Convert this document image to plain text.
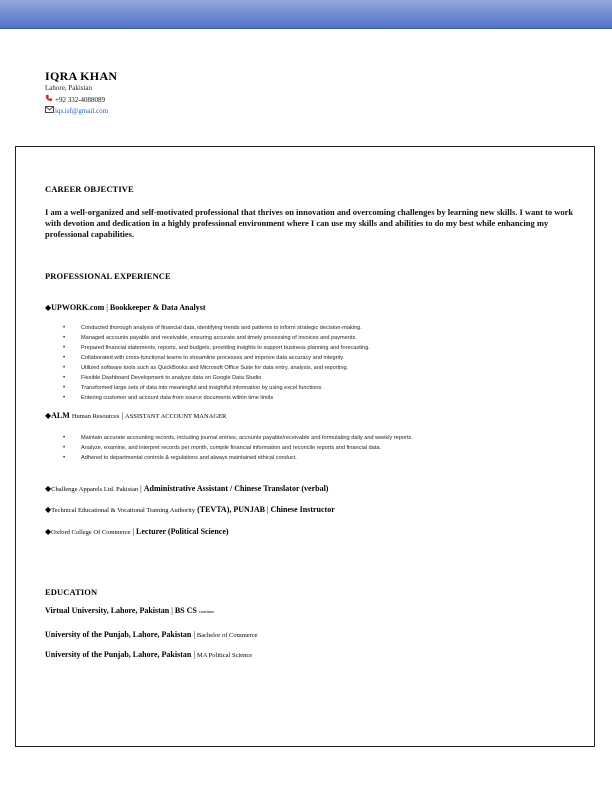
IQRA KHAN
Lahore, Pakistan
+92 332-4088089
iqs.isf@gmail.com
CAREER OBJECTIVE
I am a well-organized and self-motivated professional that thrives on innovation and overcoming challenges by learning new skills. I want to work with devotion and dedication in a highly professional environment where I can use my skills and abilities to do my best while enhancing my professional capabilities.
PROFESSIONAL EXPERIENCE
◆UPWORK.com | Bookkeeper & Data Analyst
• Conducted thorough analysis of financial data, identifying trends and patterns to inform strategic decision-making.
• Managed accounts payable and receivable, ensuring accurate and timely processing of invoices and payments.
• Prepared financial statements, reports, and budgets, providing insights to support business planning and forecasting.
• Collaborated with cross-functional teams to streamline processes and improve data accuracy and integrity.
• Utilized software tools such as QuickBooks and Microsoft Office Suite for data entry, analysis, and reporting.
• Flexible Dashboard Development to analyze data on Google Data Studio
• Transformed large sets of data into meaningful and insightful information by using excel functions.
• Entering customer and account data from source documents within time limits
◆ALM Human Resources | ASSISTANT ACCOUNT MANAGER
• Maintain accurate accounting records, including journal entries, accounts payable/receivable and formulating daily and weekly reports.
• Analyze, examine, and interpret records per month, compile financial information and reconcile reports and financial data.
• Adhered to departmental controls & regulations and always maintained ethical conduct.
◆Challenge Apparels Ltd. Pakistan | Administrative Assistant / Chinese Translator (verbal)
◆Technical Educational & Vocational Training Authority (TEVTA), PUNJAB | Chinese Instructor
◆Oxford College Of Commerce | Lecturer (Political Science)
EDUCATION
Virtual University, Lahore, Pakistan | BS CS continue
University of the Punjab, Lahore, Pakistan | Bachelor of Commerce
University of the Punjab, Lahore, Pakistan | MA Political Science
